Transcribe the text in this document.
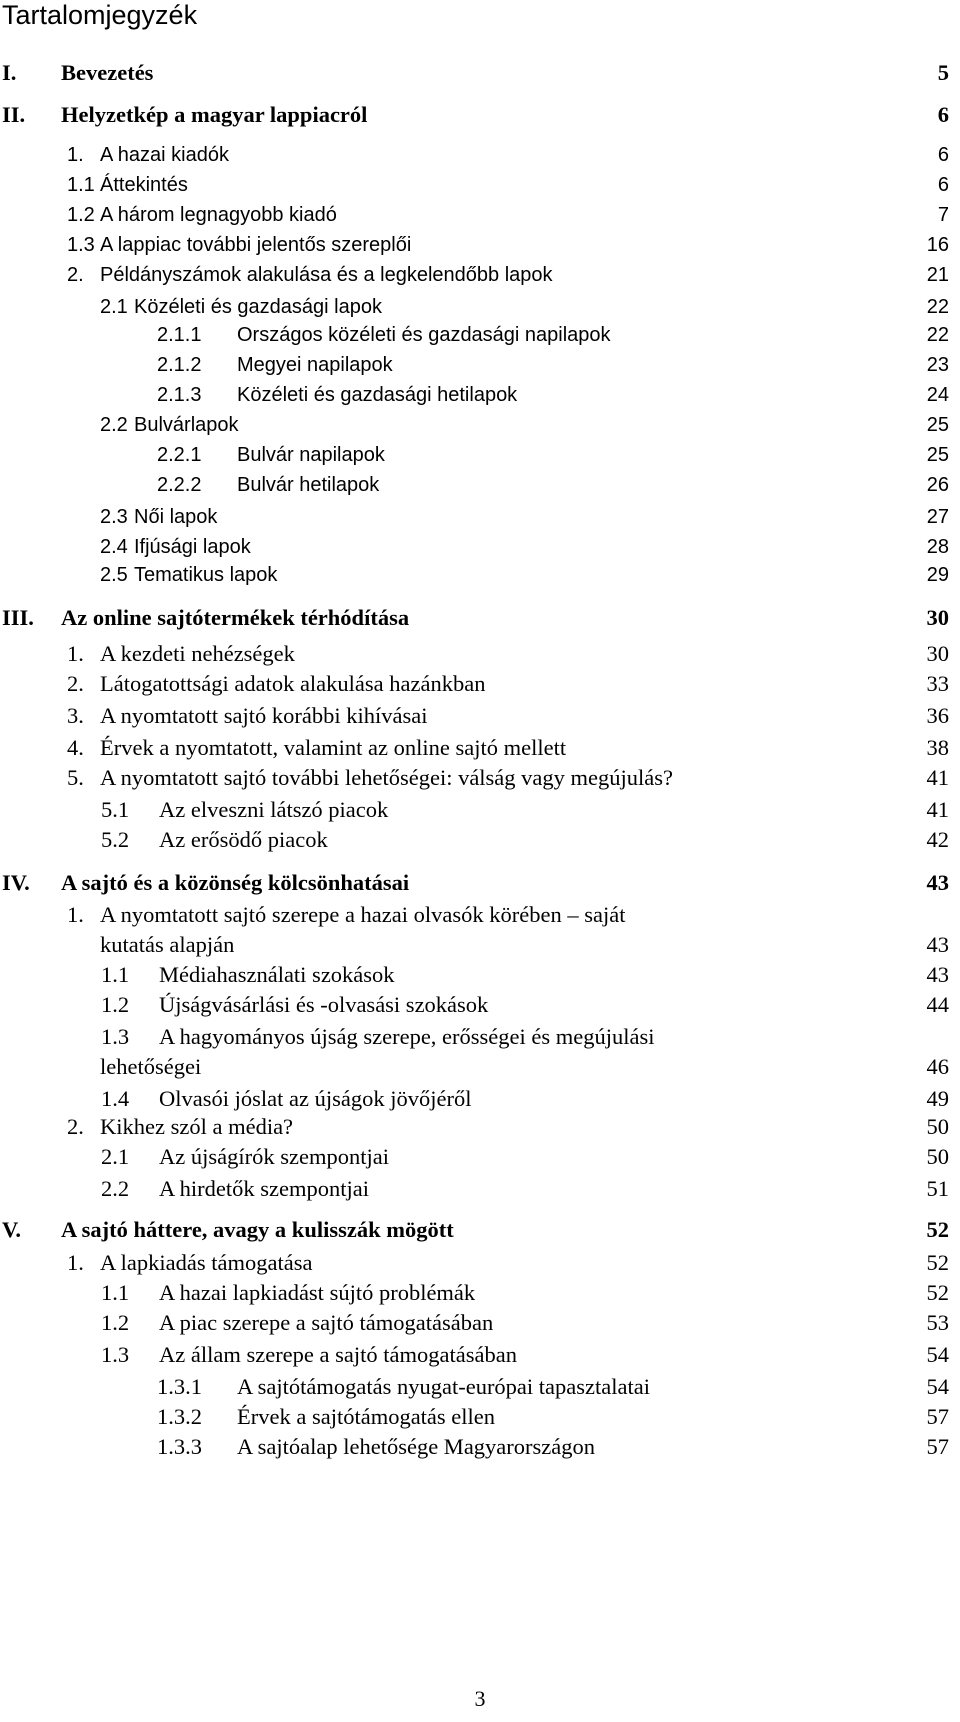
Tartalomjegyzék
I. Bevezetés	5
II. Helyzetkép a magyar lappiacról	6
1. A hazai kiadók	6
1.1 Áttekintés	6
1.2 A három legnagyobb kiadó	7
1.3 A lappiac további jelentős szereplői	16
2. Példányszámok alakulása és a legkelendőbb lapok	21
2.1 Közéleti és gazdasági lapok	22
2.1.1 Országos közéleti és gazdasági napilapok	22
2.1.2 Megyei napilapok	23
2.1.3 Közéleti és gazdasági hetilapok	24
2.2 Bulvárlapok	25
2.2.1 Bulvár napilapok	25
2.2.2 Bulvár hetilapok	26
2.3 Női lapok	27
2.4 Ifjúsági lapok	28
2.5 Tematikus lapok	29
III. Az online sajtótermékek térhódítása	30
1. A kezdeti nehézségek	30
2. Látogatottsági adatok alakulása hazánkban	33
3. A nyomtatott sajtó korábbi kihívásai	36
4. Érvek a nyomtatott, valamint az online sajtó mellett	38
5. A nyomtatott sajtó további lehetőségei: válság vagy megújulás?	41
5.1 Az elveszni látszó piacok	41
5.2 Az erősödő piacok	42
IV. A sajtó és a közönség kölcsönhatásai	43
1. A nyomtatott sajtó szerepe a hazai olvasók körében – saját
kutatás alapján	43
1.1 Médiahasználati szokások	43
1.2 Újságvásárlási és -olvasási szokások	44
1.3 A hagyományos újság szerepe, erősségei és megújulási
lehetőségei	46
1.4 Olvasói jóslat az újságok jövőjéről	49
2. Kikhez szól a média?	50
2.1 Az újságírók szempontjai	50
2.2 A hirdetők szempontjai	51
V. A sajtó háttere, avagy a kulisszák mögött	52
1. A lapkiadás támogatása	52
1.1 A hazai lapkiadást sújtó problémák	52
1.2 A piac szerepe a sajtó támogatásában	53
1.3 Az állam szerepe a sajtó támogatásában	54
1.3.1 A sajtótámogatás nyugat-európai tapasztalatai	54
1.3.2 Érvek a sajtótámogatás ellen	57
1.3.3 A sajtóalap lehetősége Magyarországon	57
3
